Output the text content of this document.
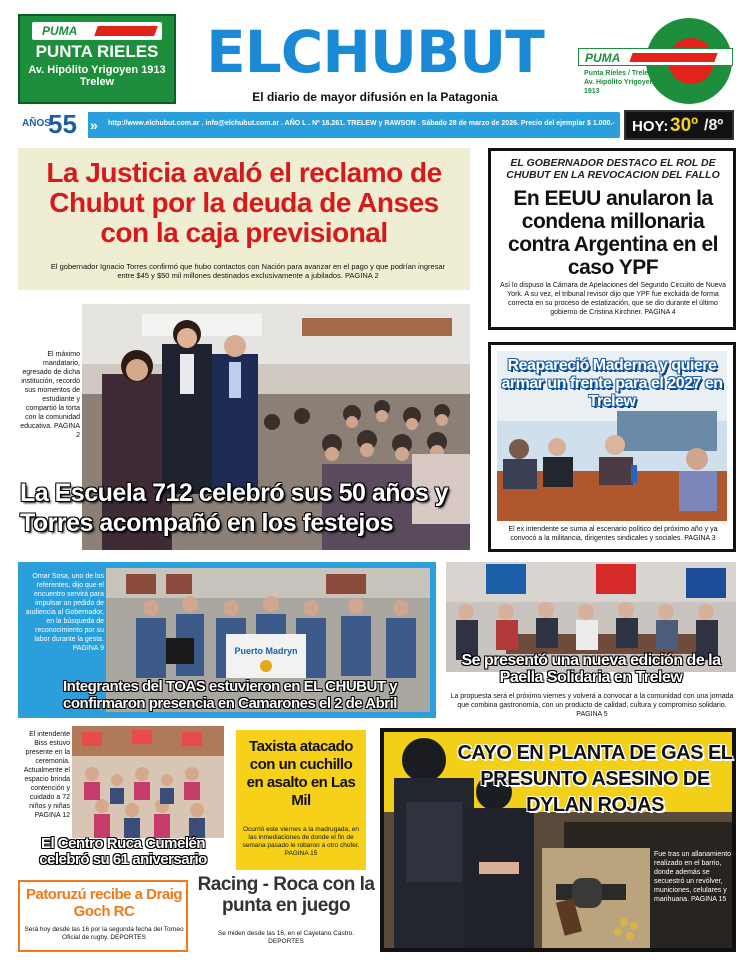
PUMA
PUNTA RIELES
Av. Hipólito Yrigoyen 1913
Trelew	ELCHUBUT
El diario de mayor difusión en la Patagonia
PUMA
Punta Rieles / Trelew
Av. Hipólito Yrigoyen
1913
AÑOS
55 » http://www.elchubut.com.ar . info@elchubut.com.ar . AÑO L . Nº 16.261. TRELEW y RAWSON . Sábado 28 de marzo de 2026. Precio del ejemplar $ 1.000.- HOY: 30º /8º
La Justicia avaló el reclamo de Chubut por la deuda de Anses con la caja previsional
El gobernador Ignacio Torres confirmó que hubo contactos con Nación para avanzar en el pago y que podrían ingresar entre $45 y $50 mil millones destinados exclusivamente a jubilados. PAGINA 2
EL GOBERNADOR DESTACO EL ROL DE CHUBUT EN LA REVOCACION DEL FALLO
En EEUU anularon la condena millonaria contra Argentina en el caso YPF
Así lo dispuso la Cámara de Apelaciones del Segundo Circuito de Nueva York. A su vez, el tribunal revisor dijo que YPF fue excluida de forma correcta en su proceso de estatización, que se dio durante el último gobierno de Cristina Kirchner. PAGINA 4
El máximo mandatario, egresado de dicha institución, recordó sus momentos de estudiante y compartió la torta con la comunidad educativa. PAGINA 2
La Escuela 712 celebró sus 50 años y Torres acompañó en los festejos
Reapareció Maderna y quiere armar un frente para el 2027 en Trelew
El ex intendente se suma al escenario político del próximo año y ya convocó a la militancia, dirigentes sindicales y sociales. PAGINA 3
Omar Sosa, uno de los referentes, dijo que el encuentro servirá para impulsar un pedido de audiencia al Gobernador, en la búsqueda de reconocimiento por su labor durante la gesta. PAGINA 9	Puerto Madryn
Integrantes del TOAS estuvieron en EL CHUBUT y confirmaron presencia en Camarones el 2 de Abril
Se presentó una nueva edición de la Paella Solidaria en Trelew
La propuesta será el próximo viernes y volverá a convocar a la comunidad con una jornada que combina gastronomía, con un producto de calidad, cultura y compromiso solidario. PAGINA 5
El intendente Biss estuvo presente en la ceremonia. Actualmente el espacio brinda contención y cuidado a 72 niños y niñas PAGINA 12
El Centro Ruca Cumelén celebró su 61 aniversario
Patoruzú recibe a Draig Goch RC
Será hoy desde las 16 por la segunda fecha del Torneo Oficial de rugby. DEPORTES
Taxista atacado con un cuchillo en asalto en Las Mil
Ocurrió este viernes a la madrugada, en las inmediaciones de donde el fin de semana pasado le robaron a otro chofer. PAGINA 15
Racing - Roca con la punta en juego
Se miden desde las 16, en el Cayetano Castro. DEPORTES
CAYO EN PLANTA DE GAS EL PRESUNTO ASESINO DE DYLAN ROJAS
Fue tras un allanamiento realizado en el barrio, donde además se secuestró un revólver, municiones, celulares y marihuana. PAGINA 15
